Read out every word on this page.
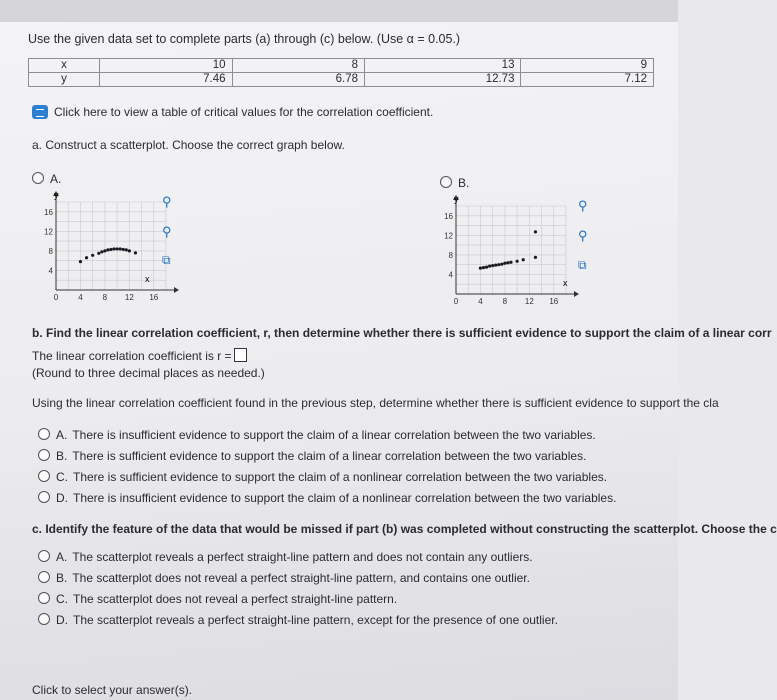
Use the given data set to complete parts (a) through (c) below. (Use α = 0.05.)
x	10	8	13	9
y	7.46	6.78	12.73	7.12
Click here to view a table of critical values for the correlation coefficient.
a. Construct a scatterplot. Choose the correct graph below.
A.
0 4 8 12 16
4
8
12
16
y
x
⚲
⚲
⧉
B.
0 4 8 12 16
4
8
12
16
y
x
⚲
⚲
⧉
b. Find the linear correlation coefficient, r, then determine whether there is sufficient evidence to support the claim of a linear corr
The linear correlation coefficient is r =
(Round to three decimal places as needed.)
Using the linear correlation coefficient found in the previous step, determine whether there is sufficient evidence to support the cla
A. There is insufficient evidence to support the claim of a linear correlation between the two variables.
B. There is sufficient evidence to support the claim of a linear correlation between the two variables.
C. There is sufficient evidence to support the claim of a nonlinear correlation between the two variables.
D. There is insufficient evidence to support the claim of a nonlinear correlation between the two variables.
c. Identify the feature of the data that would be missed if part (b) was completed without constructing the scatterplot. Choose the c
A. The scatterplot reveals a perfect straight-line pattern and does not contain any outliers.
B. The scatterplot does not reveal a perfect straight-line pattern, and contains one outlier.
C. The scatterplot does not reveal a perfect straight-line pattern.
D. The scatterplot reveals a perfect straight-line pattern, except for the presence of one outlier.
Click to select your answer(s).
